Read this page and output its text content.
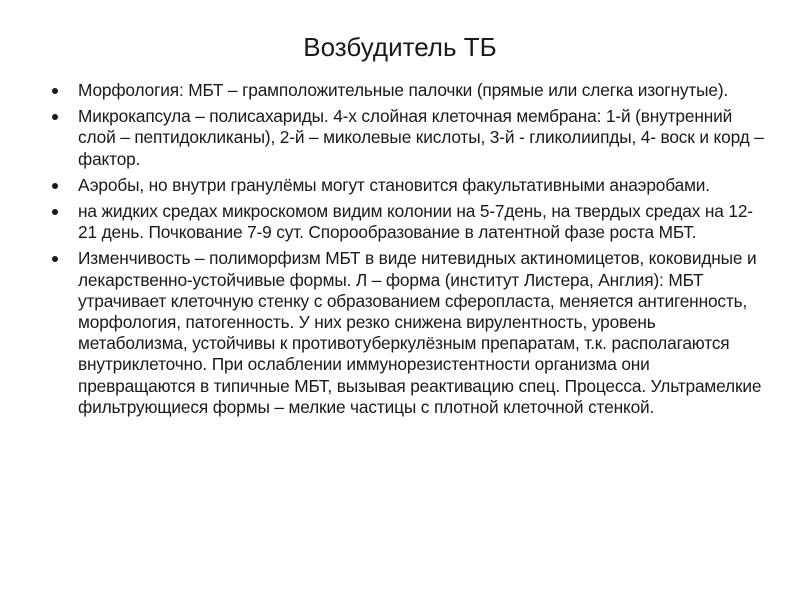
Возбудитель ТБ
Морфология: МБТ – грамположительные палочки (прямые или слегка изогнутые).
Микрокапсула – полисахариды. 4-х слойная клеточная мембрана: 1-й (внутренний слой – пептидокликаны), 2-й – миколевые кислоты, 3-й - гликолиипды, 4- воск и корд – фактор.
Аэробы, но внутри гранулёмы могут становится факультативными анаэробами.
на жидких средах микроскомом видим колонии на 5-7день, на твердых средах на 12-21 день. Почкование 7-9 сут. Спорообразование в латентной фазе роста МБТ.
Изменчивость – полиморфизм МБТ в виде нитевидных актиномицетов, коковидные и лекарственно-устойчивые формы. Л – форма (институт Листера, Англия): МБТ утрачивает клеточную стенку с образованием сферопласта, меняется антигенность, морфология, патогенность. У них резко снижена вирулентность, уровень метаболизма, устойчивы к противотуберкулёзным препаратам, т.к. располагаются внутриклеточно. При ослаблении иммунорезистентности организма они превращаются в типичные МБТ, вызывая реактивацию спец. Процесса. Ультрамелкие фильтрующиеся формы – мелкие частицы с плотной клеточной стенкой.
